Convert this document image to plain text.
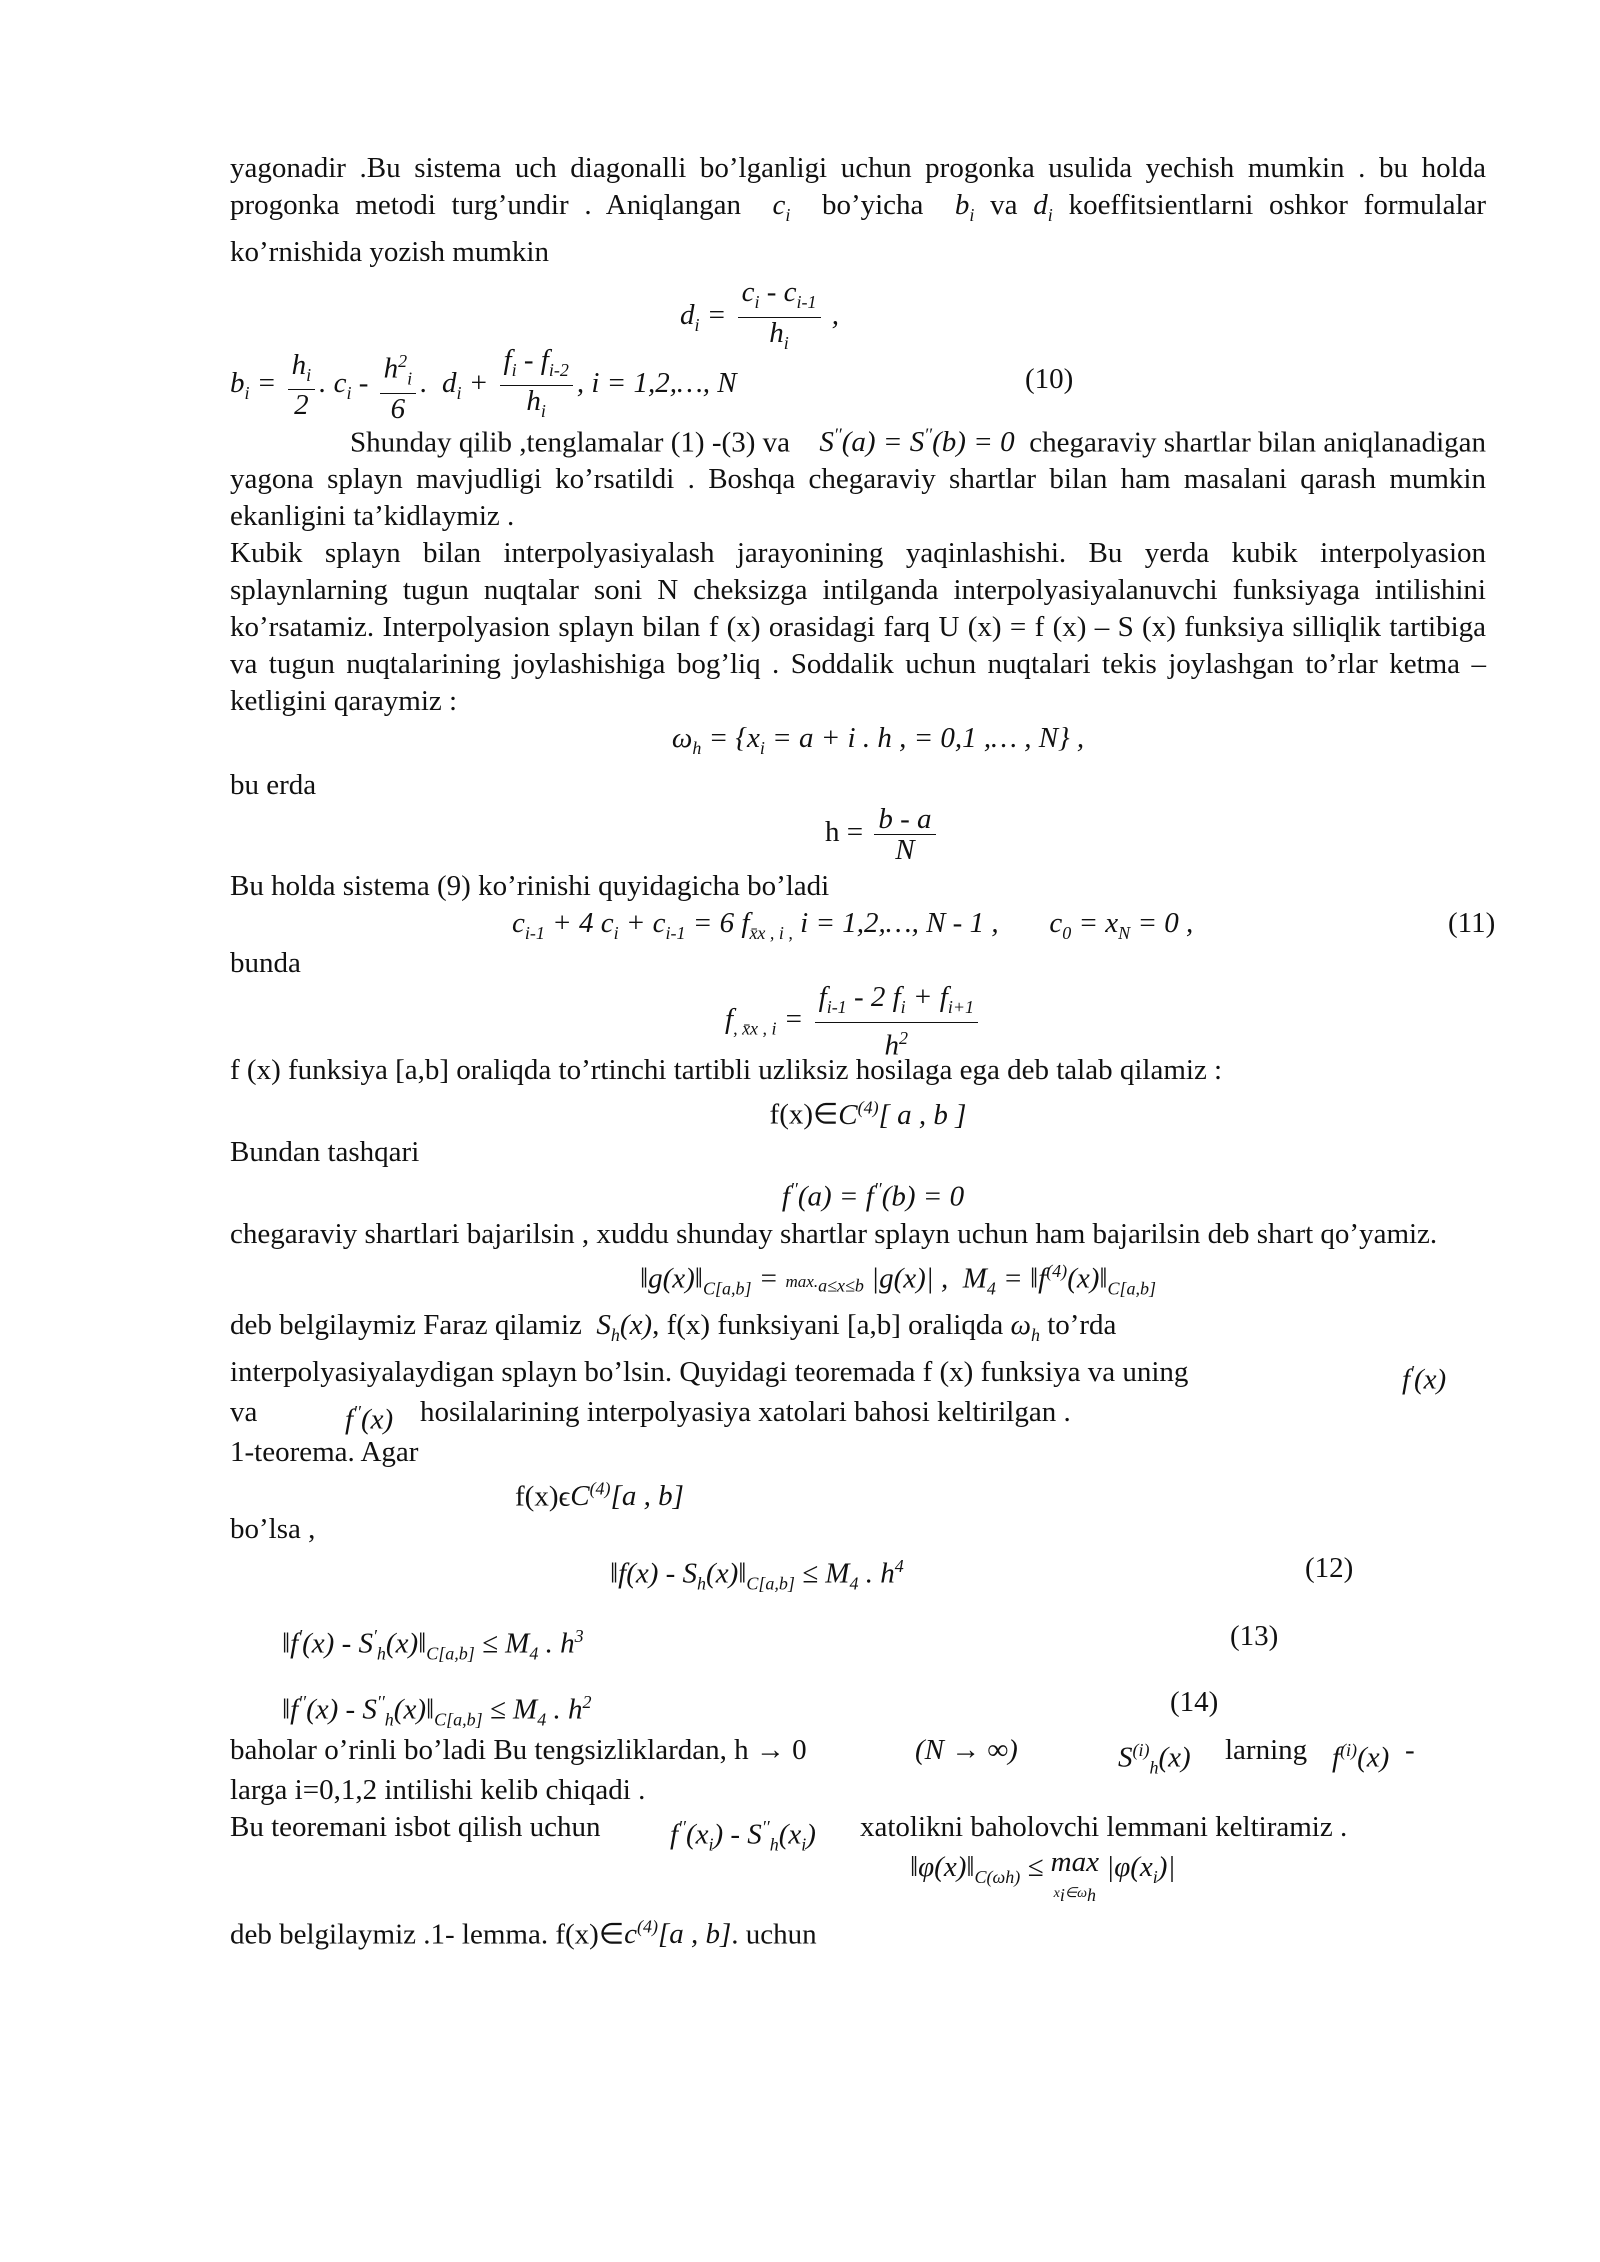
yagonadir .Bu sistema uch diagonalli bo’lganligi uchun progonka usulida yechish mumkin . bu holda progonka metodi turg’undir . Aniqlangan  $c_i$ bo’yicha  $b_i$ va $d_i$ koeffitsientlarni oshkor formulalar ko’rnishida yozish mumkin

$d_i = \frac{c_i - c_{i-1}}{h_i}$ ,
$b_i = \frac{h_i}{2}$ . $c_i - \frac{h^2_i}{6}$ .  $d_i + \frac{f_i - f_{i-2}}{h_i}$ , i = 1,2,…, N	(10)

Shunday qilib ,tenglamalar (1) -(3) va    S′′(a) = S′′(b) = 0  chegaraviy shartlar bilan aniqlanadigan yagona splayn mavjudligi ko’rsatildi . Boshqa chegaraviy shartlar bilan ham masalani qarash mumkin ekanligini ta’kidlaymiz .

Kubik splayn bilan interpolyasiyalash jarayonining yaqinlashishi. Bu yerda kubik interpolyasion splaynlarning tugun nuqtalar soni N cheksizga intilganda interpolyasiyalanuvchi funksiyaga intilishini ko’rsatamiz. Interpolyasion splayn bilan f (x) orasidagi farq U (x) = f (x) – S (x) funksiya silliqlik tartibiga va tugun nuqtalarining joylashishiga bog’liq . Soddalik uchun nuqtalari tekis joylashgan to’rlar ketma –ketligini qaraymiz :

$\omega_h = \{x_i = a + i$ . h , = 0,1 ,… , N} ,

bu erda

$h = \frac{b - a}{N}$

Bu holda sistema (9) ko’rinishi quyidagicha bo’ladi

$c_{i-1} + 4$ $c_i + c_{i-1} = 6$ $f_{x̄x , i ,}$ i = 1,2,…, N - 1 ,       $c_0 = x_N = 0$ ,	(11)

bunda

$f_{, x̄x , i} = \frac{f_{i-1} - 2 f_i + f_{i+1}}{h^2}$

f (x) funksiya [a,b] oraliqda to’rtinchi tartibli uzliksiz hosilaga ega deb talab qilamiz :

$f(x)\in C^{(4)}$[ a , b ]

Bundan tashqari

f′′(a) = f′′(b) = 0

chegaraviy shartlari bajarilsin , xuddu shunday shartlar splayn uchun ham bajarilsin deb shart qo’yamiz.

$‖g(x)‖_{C[a,b]} = \max._{a\le x\le b}$ |g(x)| ,  $M_4$ = $‖f^{(4)}(x)‖_{C[a,b]}$

deb belgilaymiz Faraz qilamiz  $S_h(x)$, f(x) funksiyani [a,b] oraliqda $\omega_h$ to’rda

interpolyasiyalaydigan splayn bo’lsin. Quyidagi teoremada f (x) funksiya va uning	f′(x)
va	f′′(x) hosilalarining interpolyasiya xatolari bahosi keltirilgan .

1-teorema. Agar

$f(x)\epsilon C^{(4)}[a$ , b]

bo’lsa ,

‖f(x) - $S_h(x)‖_{C[a,b]} \le M_4$ . $h^4$	(12)
‖f′(x) - $S'_h(x)‖_{C[a,b]} \le M_4$ . $h^3$	(13)
‖f′′(x) - $S''_h(x)‖_{C[a,b]} \le M_4$ . $h^2$	(14)
baholar o’rinli bo’ladi Bu tengsizliklardan, h → 0	(N → ∞)	$S^{(i)}_h(x)$ larning $f^{(i)}(x)$ -

larga i=0,1,2 intilishi kelib chiqadi .

Bu teoremani isbot qilish uchun $f''(x_i) - S''_h(x_i)$ xatolikni baholovchi lemmani keltiramiz .
$‖\varphi(x)‖_{C(\omega h)} \le \max$
$x_i\in\omega_h$ $|\varphi(x_i)|$
deb belgilaymiz .1- lemma. $f(x)\in c^{(4)}[a$ , b]. uchun
